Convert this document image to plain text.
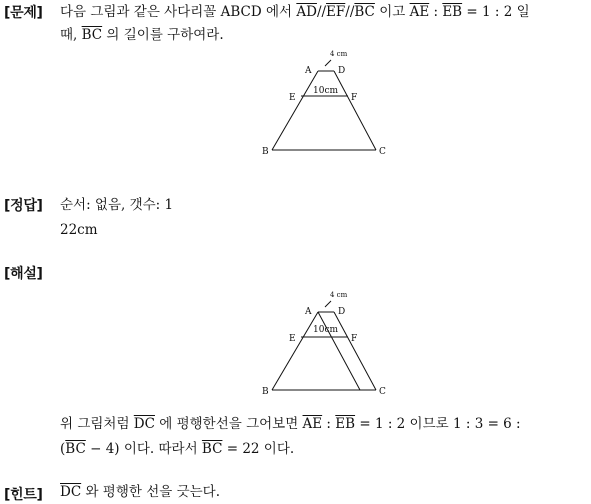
[문제] 다음 그림과 같은 사다리꼴 ABCD 에서 $\overline{AD}//\overline{EF}//\overline{BC}$ 이고 $\overline{AE}$ : $\overline{EB} = 1$ : 2 일
때, $\overline{BC}$ 의 길이를 구하여라.
4 cm
10cm
A	D
E	F
B	C
[정답] 순서: 없음, 갯수: 1
22cm
[해설]
4 cm
10cm
A	D
E	F
B	C
위 그림처럼 $\overline{DC}$ 에 평행한선을 그어보면 $\overline{AE}$ : $\overline{EB} = 1$ : 2 이므로 1 : 3 = 6 :
$(\overline{BC} - 4)$ 이다. 따라서 $\overline{BC} = 22$ 이다.
[힌트] $\overline{DC}$ 와 평행한 선을 긋는다.
